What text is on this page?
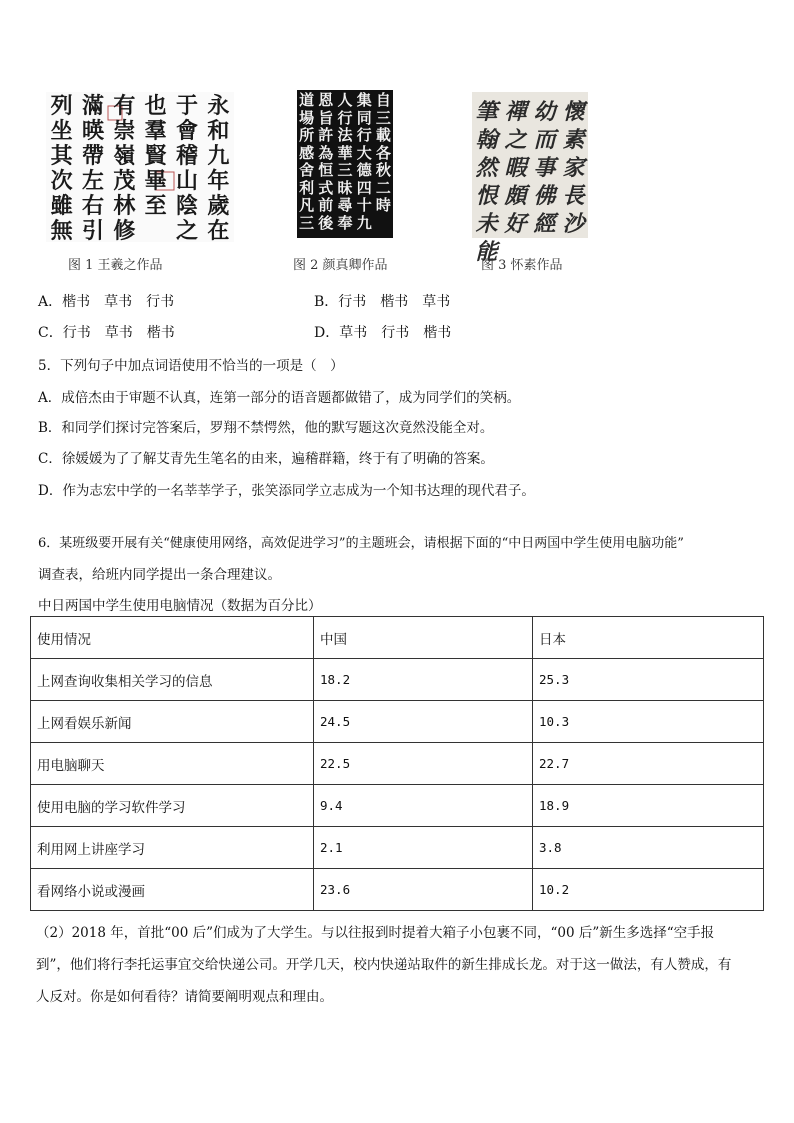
永和九年歲在
于會稽山陰之
也羣賢畢至
有崇嶺茂林修
滿暎帶左右引
列坐其次雖無
图 1 王羲之作品
自三載各秋二時
集同行大德四十九
人行法華三昧尋奉
恩旨許為恒式前後
道場所感舍利凡三
图 2 颜真卿作品
懷素家長沙
幼而事佛經
禪之暇頗好
筆翰然恨未能
图 3 怀素作品
A．楷书　草书　行书	B．行书　楷书　草书
C．行书　草书　楷书	D．草书　行书　楷书
5．下列句子中加点词语使用不恰当的一项是（　）
A．成倍杰由于审题不认真，连第一部分的语音题都做错了，成为同学们的笑柄。
B．和同学们探讨完答案后，罗翔不禁愕然，他的默写题这次竟然没能全对。
C．徐媛媛为了了解艾青先生笔名的由来，遍稽群籍，终于有了明确的答案。
D．作为志宏中学的一名莘莘学子，张笑添同学立志成为一个知书达理的现代君子。
6．某班级要开展有关“健康使用网络，高效促进学习”的主题班会，请根据下面的“中日两国中学生使用电脑功能”
调查表，给班内同学提出一条合理建议。
中日两国中学生使用电脑情况（数据为百分比）
使用情况	中国	日本
上网查询收集相关学习的信息	18.2	25.3
上网看娱乐新闻	24.5	10.3
用电脑聊天	22.5	22.7
使用电脑的学习软件学习	9.4	18.9
利用网上讲座学习	2.1	3.8
看网络小说或漫画	23.6	10.2
（2）2018 年，首批“00 后”们成为了大学生。与以往报到时提着大箱子小包裹不同，“00 后”新生多选择“空手报
到”，他们将行李托运事宜交给快递公司。开学几天，校内快递站取件的新生排成长龙。对于这一做法，有人赞成，有
人反对。你是如何看待？请简要阐明观点和理由。
